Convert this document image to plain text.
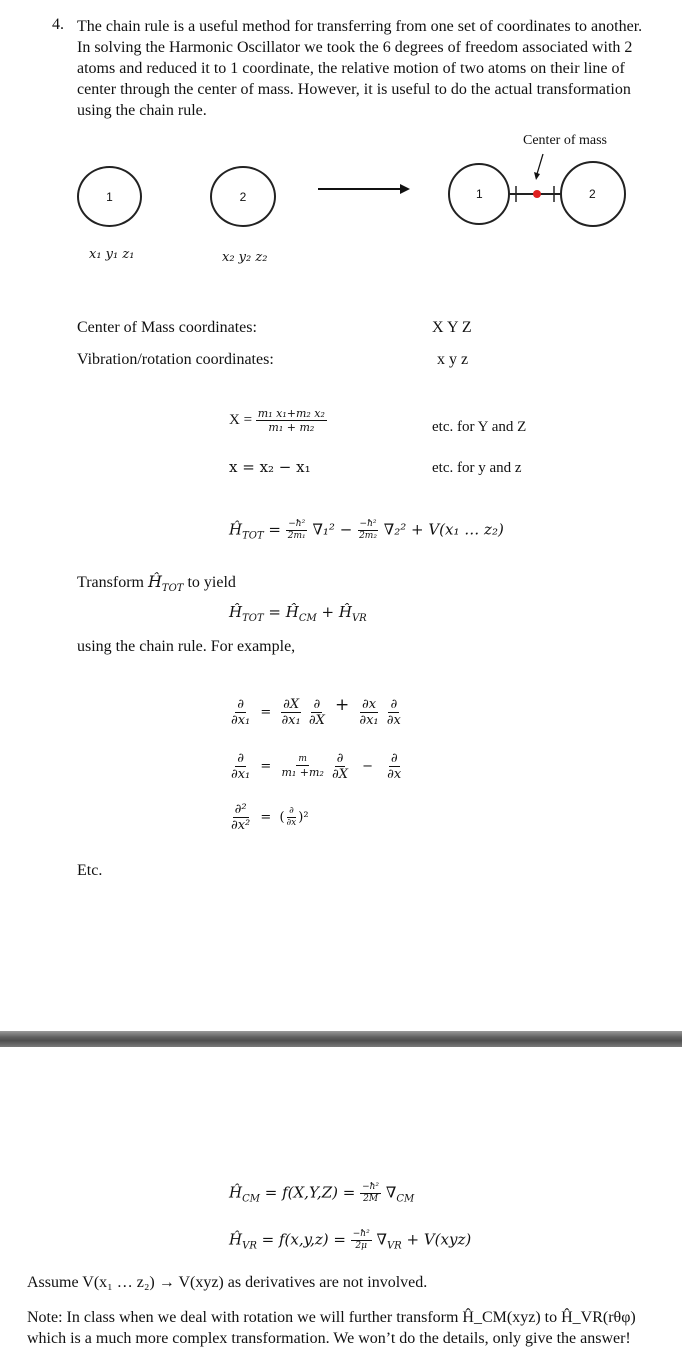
4. The chain rule is a useful method for transferring from one set of coordinates to another.
In solving the Harmonic Oscillator we took the 6 degrees of freedom associated with 2
atoms and reduced it to 1 coordinate, the relative motion of two atoms on their line of
center through the center of mass. However, it is useful to do the actual transformation
using the chain rule.
Center of mass
1	2	1	2
x₁ y₁ z₁	x₂ y₂ z₂
Center of Mass coordinates:	X Y Z
Vibration/rotation coordinates:	x y z
$X = \frac{\text{m₁ x₁+m₂ x₂}}{\text{m₁ + m₂}}$	etc. for Y and Z
x = x₂ − x₁	etc. for y and z
$Ĥ_{TOT} = \frac{\text{−ħ²}}{\text{2m₁}} \nabla_1^2 - \frac{\text{−ħ²}}{\text{2m₂}} \nabla_2^2 + V(x_1$ … z₂)
Transform $Ĥ_{TOT}$ to yield
$Ĥ_{TOT}$ = $Ĥ_{CM}$ + $Ĥ_{VR}$
using the chain rule. For example,
$\frac{\partial}{\text{∂x₁}} = \frac{\partial X}{\text{∂x₁}}$
$\frac{\partial}{\partial X} + \frac{\partial x}{\text{∂x₁}}$
$\frac{\partial}{\partial x}$
$\frac{\partial}{\text{∂x₁}} = \frac{m}{\text{m₁ +m₂}}$
$\frac{\partial}{\partial X} - \frac{\partial}{\partial x}$
$\frac{\text{∂²}}{\text{∂x²}}$ = ( $\frac{\partial}{\partial x} )^2$
Etc.
$Ĥ_{CM} = f(X,Y,Z) = \frac{\text{−ħ²}}{2M} \nabla_{CM}$
$Ĥ_{VR} = f(x,y,z) = \frac{\text{−ħ²}}{2\mu} \nabla_{VR} + V(xyz)$
Assume V(x₁ … z₂) → V(xyz) as derivatives are not involved.
Note: In class when we deal with rotation we will further transform Ĥ_CM(xyz) to Ĥ_VR(rθφ)
which is a much more complex transformation. We won’t do the details, only give the answer!
